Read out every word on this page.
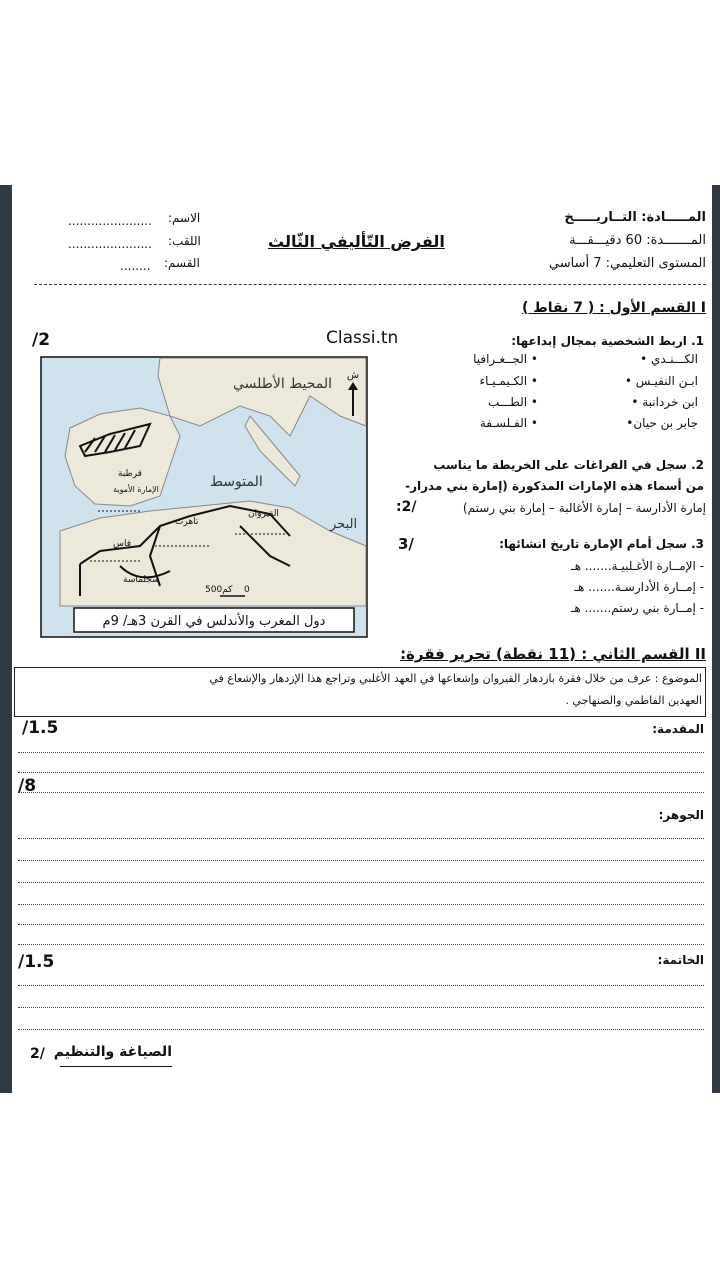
المـــــادة: التــاريـــــخ
المـــــــدة: 60 دقيـــقـــة
المستوى التعليمي: 7 أساسي
الفرض التّأليفي الثّالث
الاسم:
......................
اللقب:
......................
القسم:
........
I القسم الأول : ( 7 نقاط )
Classi.tn
/2	1. اربط الشخصية بمجال إبداعها:
الكـــنـدي •
ابـن النفيـس •
ابن خردانبة •
جابر بن حيان•
• الجــغـرافيا
• الكـيمـيـاء
• الطـــب
• الفـلسـفة
2. سجل في الفراغات على الخريطة ما يناسب
من أسماء هذه الإمارات المذكورة (إمارة بني مدرار-
إمارة الأدارسة – إمارة الأغالبة – إمارة بني رستم)
:2/
3. سجل أمام الإمارة تاريخ انشائها:
3/
- الإمــارة الأغـلبيـة....... هـ
- إمــارة الأدارسـة....... هـ
- إمــارة بني رستم....... هـ
المحيط الأطلسي
المتوسط
البحر
قرطبة
الإمارة الأموية
القيروان
تاهرت
فاس
سجلماسة
500كم 0
ش
دول المغرب والأندلس في القرن 3هـ/ 9م
II القسم الثاني : (11 نقطة) تحرير فقرة:
الموضوع : عرف من خلال فقرة بازدهار القيروان وإشعاعها في العهد الأغلبي وتراجع هذا الإزدهار والإشعاع في
العهدين الفاطمي والصنهاجي .
المقدمة:
/1.5
الجوهر:
/8
الخاتمة:
/1.5
الصياغة والتنظيم
2/
